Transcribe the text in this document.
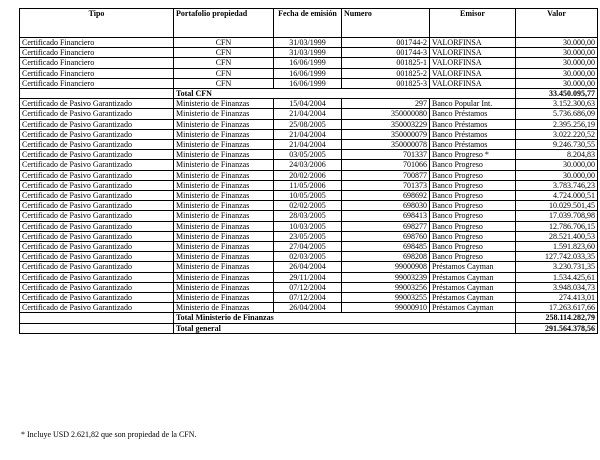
Tipo	Portafolio propiedad	Fecha de emisión	Numero	Emisor	Valor
Certificado Financiero	CFN	31/03/1999	001744-2	VALORFINSA	30.000,00
Certificado Financiero	CFN	31/03/1999	001744-3	VALORFINSA	30.000,00
Certificado Financiero	CFN	16/06/1999	001825-1	VALORFINSA	30.000,00
Certificado Financiero	CFN	16/06/1999	001825-2	VALORFINSA	30.000,00
Certificado Financiero	CFN	16/06/1999	001825-3	VALORFINSA	30.000,00
	Total CFN				33.450.095,77
Certificado de Pasivo Garantizado	Ministerio de Finanzas	15/04/2004	297	Banco Popular Int.	3.152.300,63
Certificado de Pasivo Garantizado	Ministerio de Finanzas	21/04/2004	350000080	Banco Préstamos	5.736.686,09
Certificado de Pasivo Garantizado	Ministerio de Finanzas	25/08/2005	350003229	Banco Préstamos	2.395.256,19
Certificado de Pasivo Garantizado	Ministerio de Finanzas	21/04/2004	350000079	Banco Préstamos	3.022.220,52
Certificado de Pasivo Garantizado	Ministerio de Finanzas	21/04/2004	350000078	Banco Préstamos	9.246.730,55
Certificado de Pasivo Garantizado	Ministerio de Finanzas	03/05/2005	701337	Banco Progreso *	8.204,83
Certificado de Pasivo Garantizado	Ministerio de Finanzas	24/03/2006	701066	Banco Progreso	30.000,00
Certificado de Pasivo Garantizado	Ministerio de Finanzas	20/02/2006	700877	Banco Progreso	30.000,00
Certificado de Pasivo Garantizado	Ministerio de Finanzas	11/05/2006	701373	Banco Progreso	3.783.746,23
Certificado de Pasivo Garantizado	Ministerio de Finanzas	10/05/2005	698692	Banco Progreso	4.724.000,51
Certificado de Pasivo Garantizado	Ministerio de Finanzas	02/02/2005	698030	Banco Progreso	10.029.501,45
Certificado de Pasivo Garantizado	Ministerio de Finanzas	28/03/2005	698413	Banco Progreso	17.039.708,98
Certificado de Pasivo Garantizado	Ministerio de Finanzas	10/03/2005	698277	Banco Progreso	12.786.706,15
Certificado de Pasivo Garantizado	Ministerio de Finanzas	23/05/2005	698760	Banco Progreso	28.521.400,53
Certificado de Pasivo Garantizado	Ministerio de Finanzas	27/04/2005	698485	Banco Progreso	1.591.823,60
Certificado de Pasivo Garantizado	Ministerio de Finanzas	02/03/2005	698208	Banco Progreso	127.742.033,35
Certificado de Pasivo Garantizado	Ministerio de Finanzas	26/04/2004	99000908	Préstamos Cayman	3.230.731,35
Certificado de Pasivo Garantizado	Ministerio de Finanzas	29/11/2004	99003239	Préstamos Cayman	1.534.425,61
Certificado de Pasivo Garantizado	Ministerio de Finanzas	07/12/2004	99003256	Préstamos Cayman	3.948.034,73
Certificado de Pasivo Garantizado	Ministerio de Finanzas	07/12/2004	99003255	Préstamos Cayman	274.413,01
Certificado de Pasivo Garantizado	Ministerio de Finanzas	26/04/2004	99000910	Préstamos Cayman	17.263.617,66
	Total Ministerio de Finanzas				258.114.282,79
	Total general				291.564.378,56
* Incluye USD 2.621,82 que son propiedad de la CFN.
